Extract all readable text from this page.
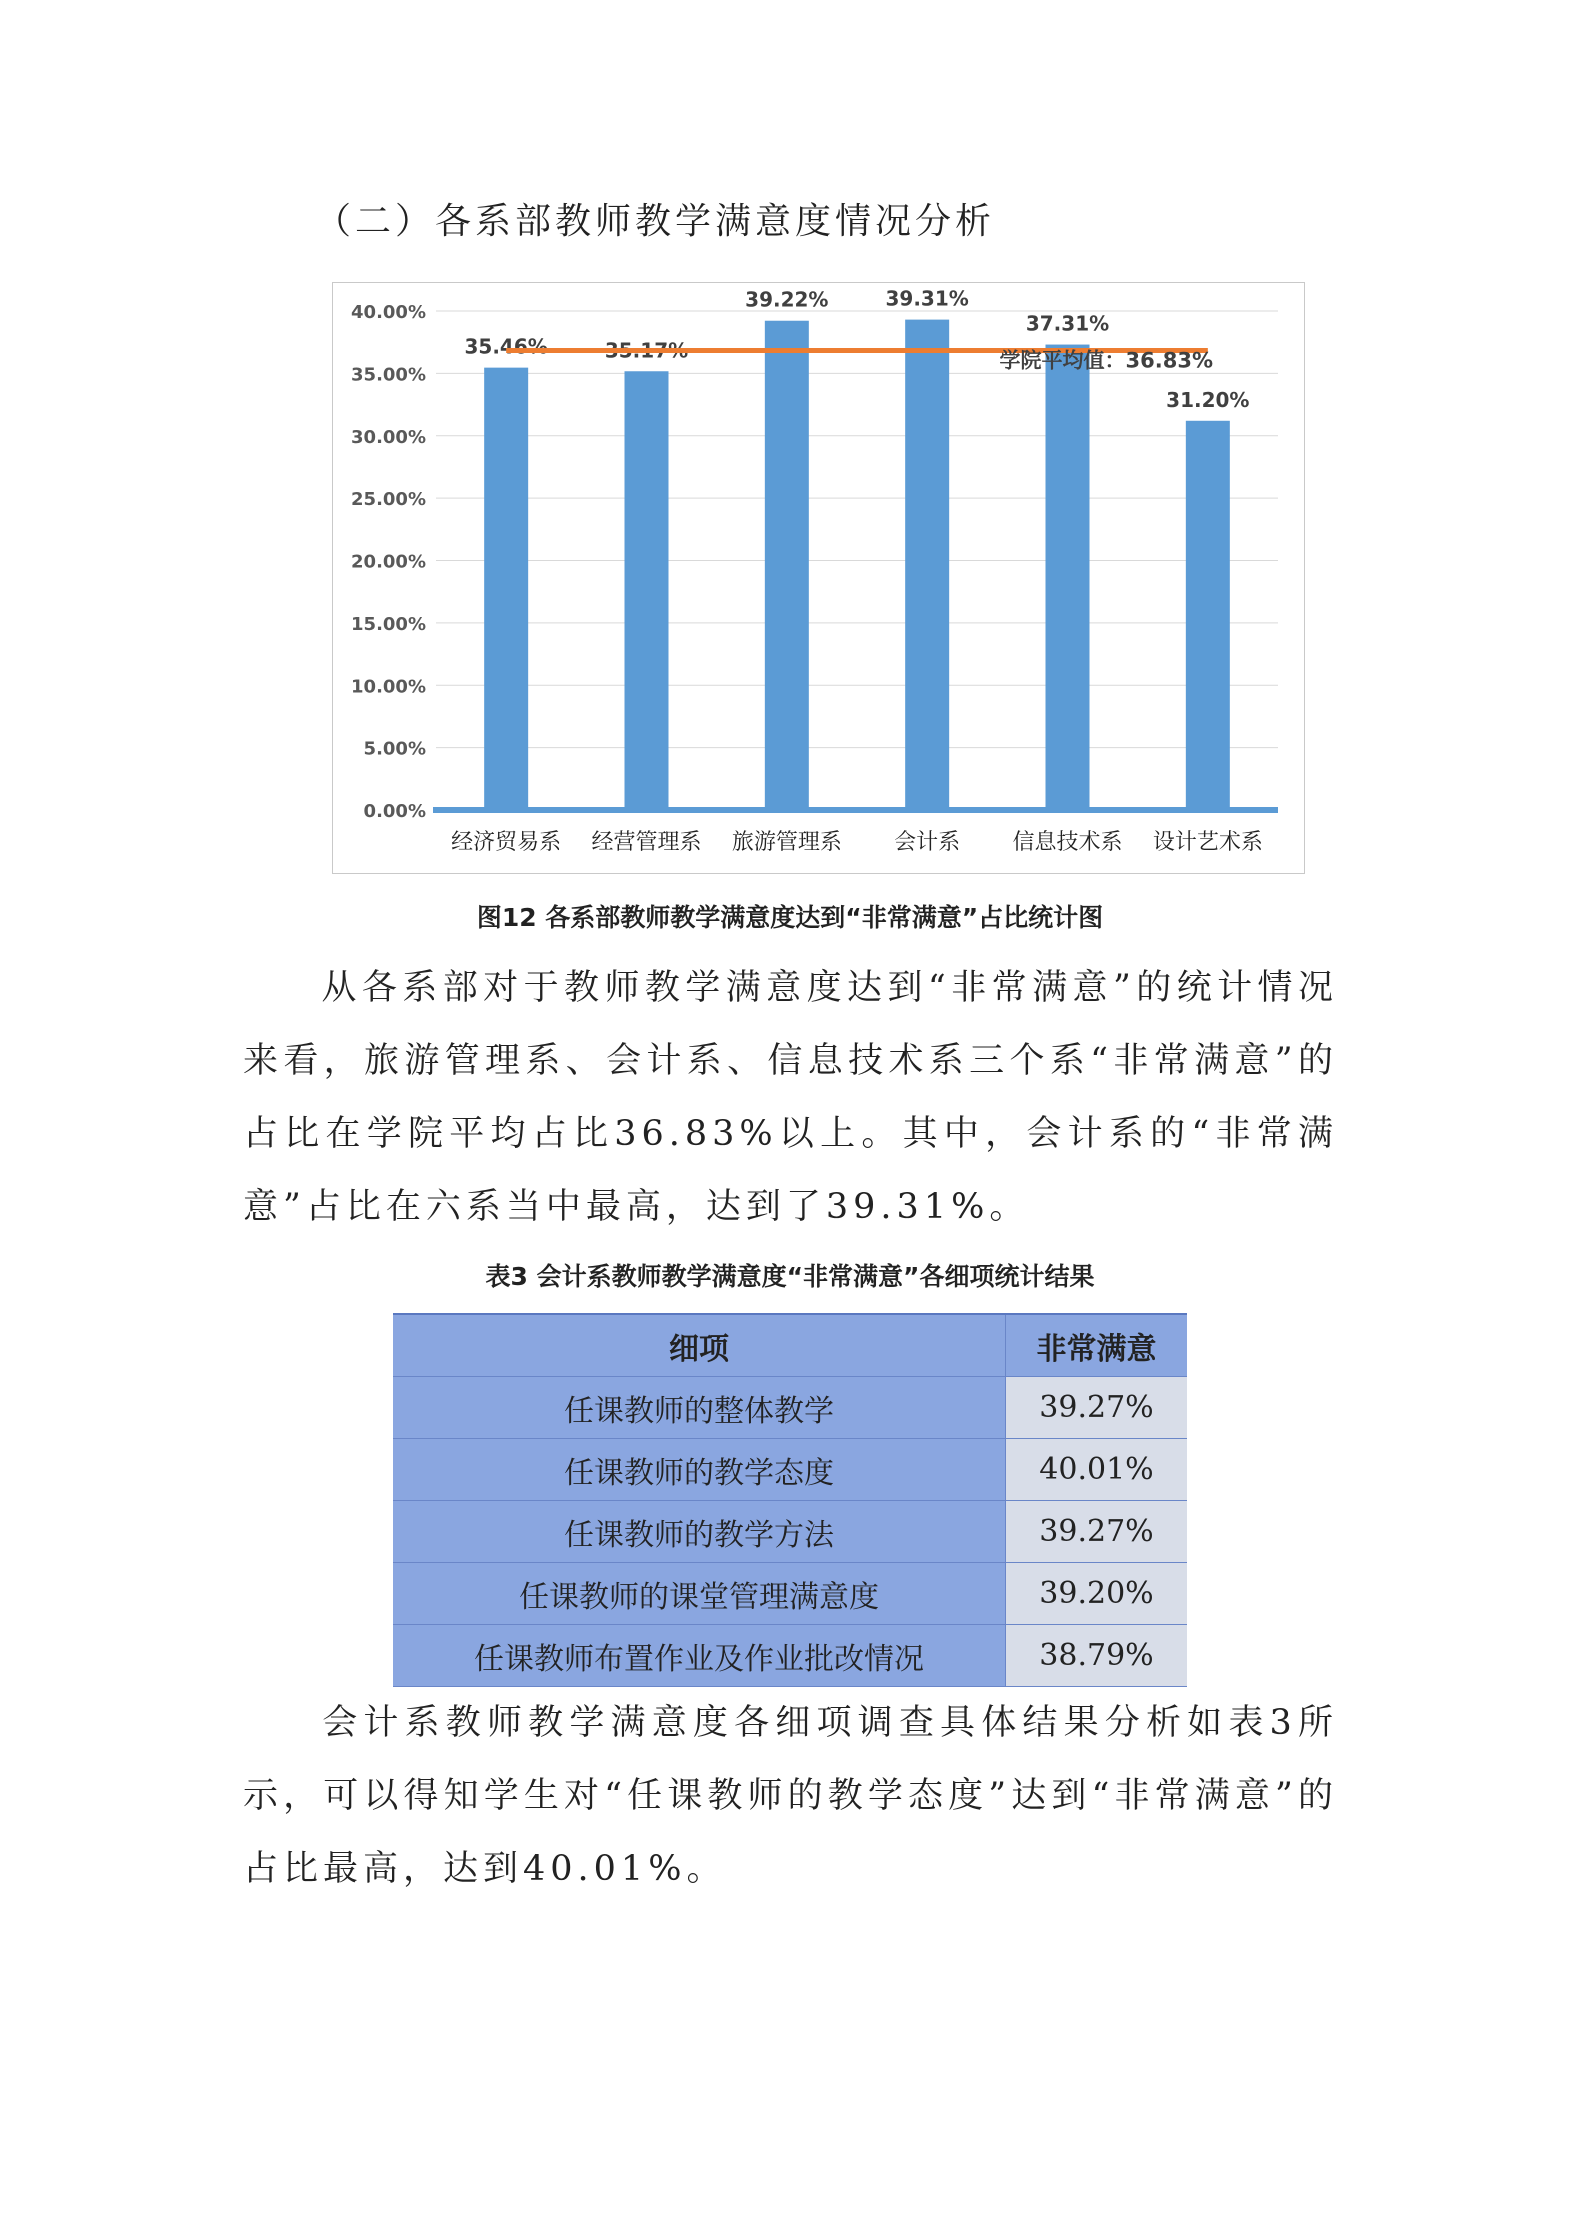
（二）各系部教师教学满意度情况分析
0.00%
5.00%
10.00%
15.00%
20.00%
25.00%
30.00%
35.00%
40.00%
35.46%
经济贸易系
35.17%
经营管理系
39.22%
旅游管理系
39.31%
会计系
37.31%
信息技术系
31.20%
设计艺术系
学院平均值：36.83%
图12 各系部教师教学满意度达到“非常满意”占比统计图

从各系部对于教师教学满意度达到“非常满意”的统计情况来看，旅游管理系、会计系、信息技术系三个系“非常满意”的占比在学院平均占比36.83%以上。其中，会计系的“非常满意”占比在六系当中最高，达到了39.31%。

表3 会计系教师教学满意度“非常满意”各细项统计结果
细项	非常满意
任课教师的整体教学	39.27%
任课教师的教学态度	40.01%
任课教师的教学方法	39.27%
任课教师的课堂管理满意度	39.20%
任课教师布置作业及作业批改情况	38.79%

会计系教师教学满意度各细项调查具体结果分析如表3所示，可以得知学生对“任课教师的教学态度”达到“非常满意”的占比最高，达到40.01%。
